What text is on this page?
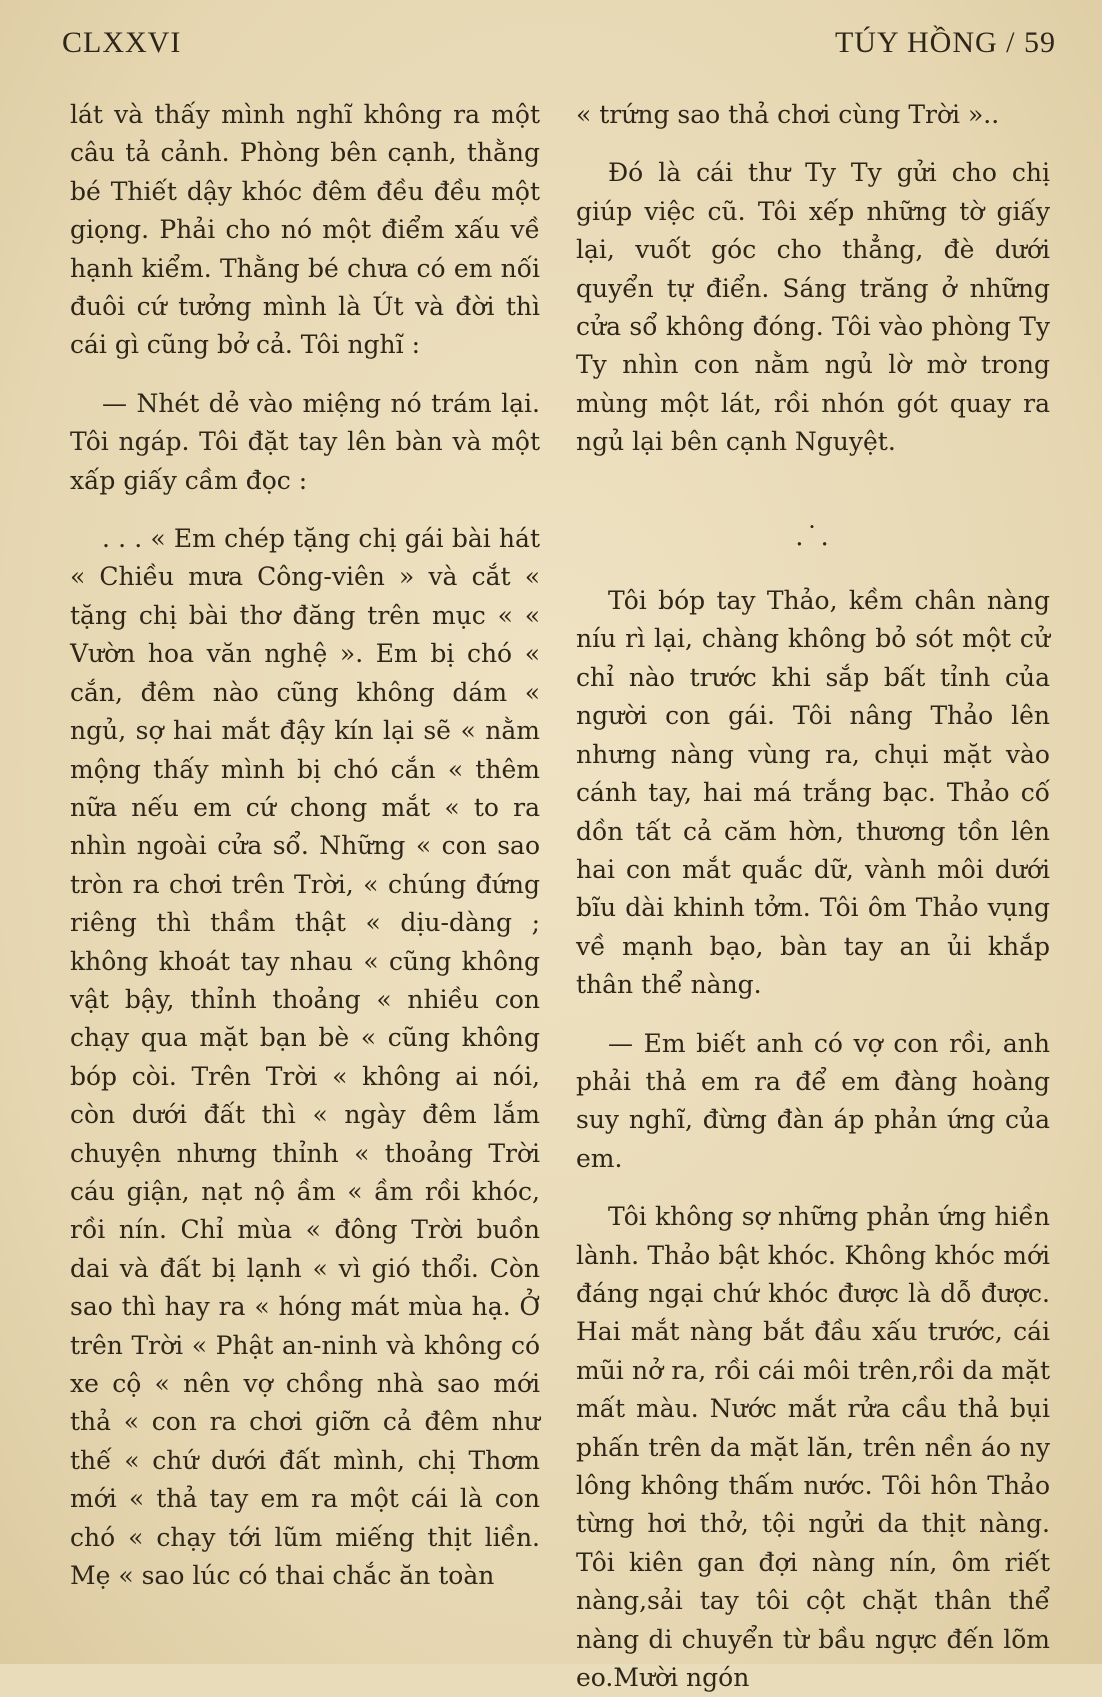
CLXXVI	TÚY HỒNG / 59

lát và thấy mình nghĩ không ra một câu tả cảnh. Phòng bên cạnh, thằng bé Thiết dậy khóc đêm đều đều một giọng. Phải cho nó một điểm xấu về hạnh kiểm. Thằng bé chưa có em nối đuôi cứ tưởng mình là Út và đời thì cái gì cũng bở cả. Tôi nghĩ :

— Nhét dẻ vào miệng nó trám lại. Tôi ngáp. Tôi đặt tay lên bàn và một xấp giấy cầm đọc :

. . . « Em chép tặng chị gái bài hát « Chiều mưa Công-viên » và cắt « tặng chị bài thơ đăng trên mục « « Vườn hoa văn nghệ ». Em bị chó « cắn, đêm nào cũng không dám « ngủ, sợ hai mắt đậy kín lại sẽ « nằm mộng thấy mình bị chó cắn « thêm nữa nếu em cứ chong mắt « to ra nhìn ngoài cửa sổ. Những « con sao tròn ra chơi trên Trời, « chúng đứng riêng thì thầm thật « dịu-dàng ; không khoát tay nhau « cũng không vật bậy, thỉnh thoảng « nhiều con chạy qua mặt bạn bè « cũng không bóp còi. Trên Trời « không ai nói, còn dưới đất thì « ngày đêm lắm chuyện nhưng thỉnh « thoảng Trời cáu giận, nạt nộ ầm « ầm rồi khóc, rồi nín. Chỉ mùa « đông Trời buồn dai và đất bị lạnh « vì gió thổi. Còn sao thì hay ra « hóng mát mùa hạ. Ở trên Trời « Phật an-ninh và không có xe cộ « nên vợ chồng nhà sao mới thả « con ra chơi giỡn cả đêm như thế « chứ dưới đất mình, chị Thơm mới « thả tay em ra một cái là con chó « chạy tới lũm miếng thịt liền. Mẹ « sao lúc có thai chắc ăn toàn

« trứng sao thả chơi cùng Trời »..

Đó là cái thư Ty Ty gửi cho chị giúp việc cũ. Tôi xếp những tờ giấy lại, vuốt góc cho thẳng, đè dưới quyển tự điển. Sáng trăng ở những cửa sổ không đóng. Tôi vào phòng Ty Ty nhìn con nằm ngủ lờ mờ trong mùng một lát, rồi nhón gót quay ra ngủ lại bên cạnh Nguyệt.

.˙.

Tôi bóp tay Thảo, kềm chân nàng níu rì lại, chàng không bỏ sót một cử chỉ nào trước khi sắp bất tỉnh của người con gái. Tôi nâng Thảo lên nhưng nàng vùng ra, chụi mặt vào cánh tay, hai má trắng bạc. Thảo cố dồn tất cả căm hờn, thương tồn lên hai con mắt quắc dữ, vành môi dưới bĩu dài khinh tởm. Tôi ôm Thảo vụng về mạnh bạo, bàn tay an ủi khắp thân thể nàng.

— Em biết anh có vợ con rồi, anh phải thả em ra để em đàng hoàng suy nghĩ, đừng đàn áp phản ứng của em.

Tôi không sợ những phản ứng hiền lành. Thảo bật khóc. Không khóc mới đáng ngại chứ khóc được là dỗ được. Hai mắt nàng bắt đầu xấu trước, cái mũi nở ra, rồi cái môi trên,rồi da mặt mất màu. Nước mắt rửa cầu thả bụi phấn trên da mặt lăn, trên nền áo ny lông không thấm nước. Tôi hôn Thảo từng hơi thở, tội ngửi da thịt nàng. Tôi kiên gan đợi nàng nín, ôm riết nàng,sải tay tôi cột chặt thân thể nàng di chuyển từ bầu ngực đến lõm eo.Mười ngón
